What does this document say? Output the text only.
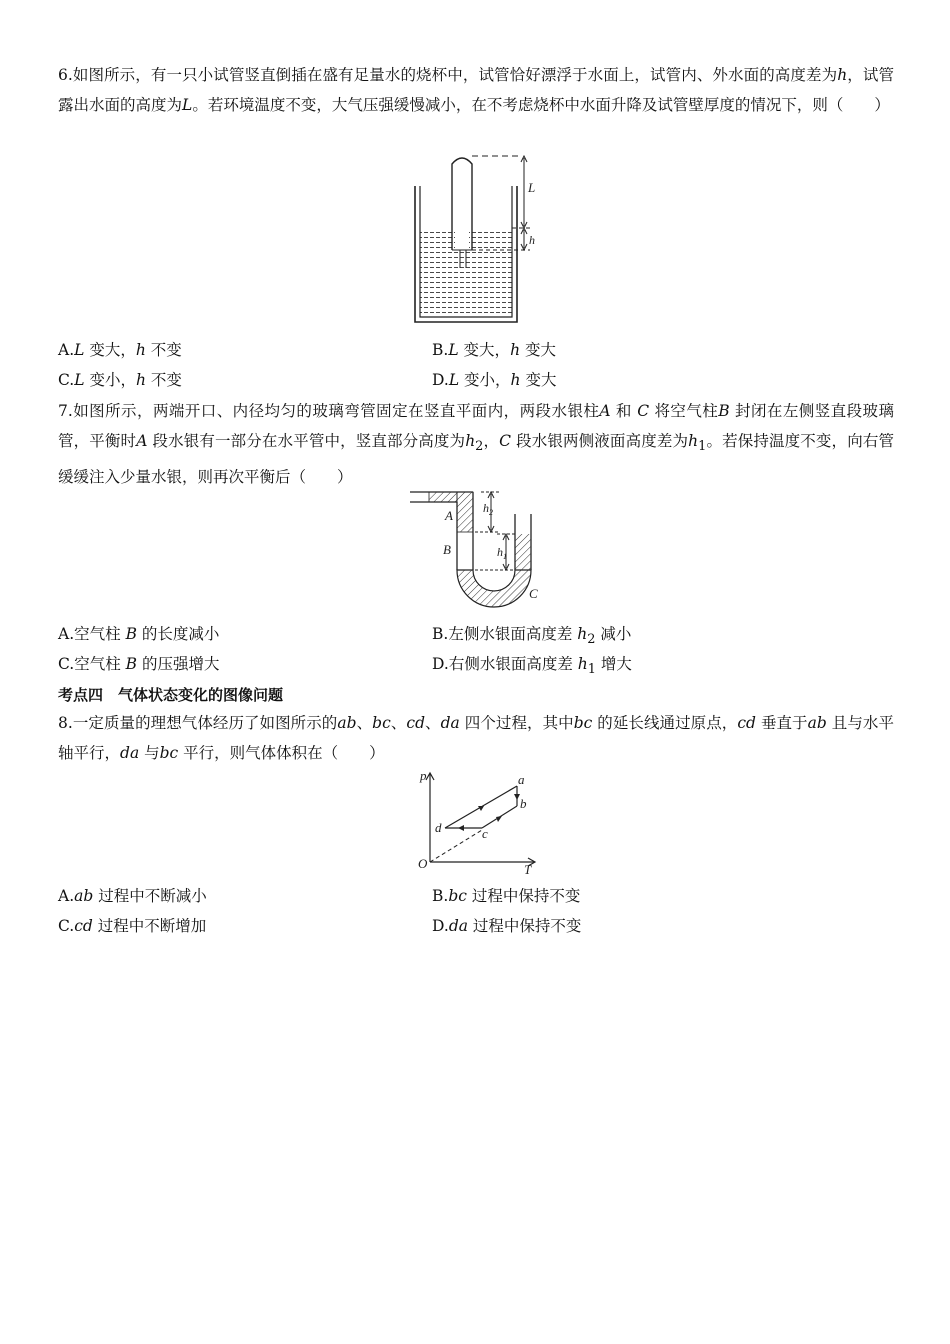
6.如图所示，有一只小试管竖直倒插在盛有足量水的烧杯中，试管恰好漂浮于水面上，试管内、外水面的高度差为h，试管露出水面的高度为L。若环境温度不变，大气压强缓慢减小，在不考虑烧杯中水面升降及试管壁厚度的情况下，则（　　）

L
h
A.L 变大，h 不变	B.L 变大，h 变大
C.L 变小，h 不变	D.L 变小，h 变大

7.如图所示，两端开口、内径均匀的玻璃弯管固定在竖直平面内，两段水银柱A 和 C 将空气柱B 封闭在左侧竖直段玻璃管，平衡时A 段水银有一部分在水平管中，竖直部分高度为$h_2$，C 段水银两侧液面高度差为$h_1$。若保持温度不变，向右管缓缓注入少量水银，则再次平衡后（　　）

A
B
C
$h_2$
$h_1$
A.空气柱 B 的长度减小	B.左侧水银面高度差 $h_2$ 减小
C.空气柱 B 的压强增大	D.右侧水银面高度差 $h_1$ 增大
考点四　气体状态变化的图像问题

8.一定质量的理想气体经历了如图所示的ab、bc、cd、da 四个过程，其中bc 的延长线通过原点，cd 垂直于ab 且与水平轴平行，da 与bc 平行，则气体体积在（　　）

p
T
O
a
b
c
d
A.ab 过程中不断减小	B.bc 过程中保持不变
C.cd 过程中不断增加	D.da 过程中保持不变
